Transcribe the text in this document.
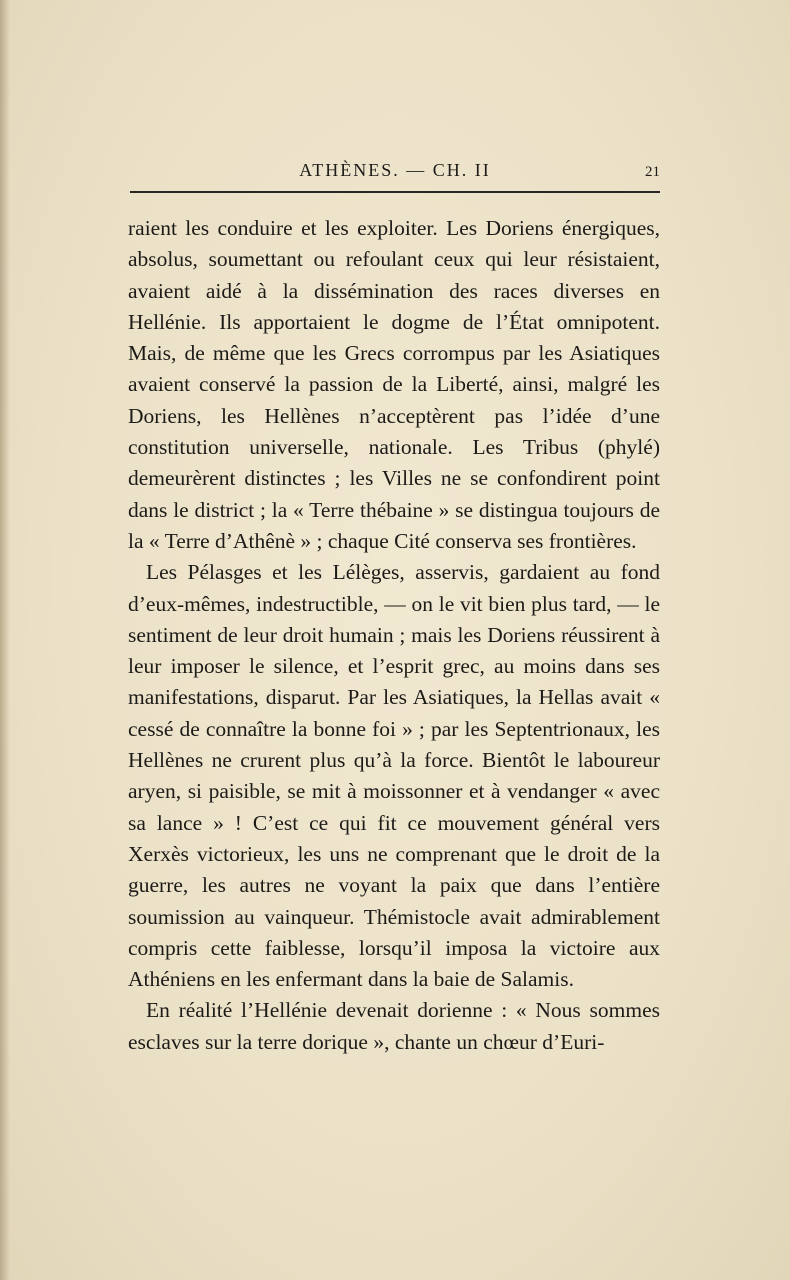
ATHÈNES. — CH. II	21

raient les conduire et les exploiter. Les Doriens énergiques, absolus, soumettant ou refoulant ceux qui leur résistaient, avaient aidé à la dissémination des races diverses en Hellénie. Ils apportaient le dogme de l’État omnipotent. Mais, de même que les Grecs corrompus par les Asiatiques avaient conservé la passion de la Liberté, ainsi, malgré les Doriens, les Hellènes n’acceptèrent pas l’idée d’une constitution universelle, nationale. Les Tribus (phylé) demeurèrent distinctes ; les Villes ne se confondirent point dans le district ; la « Terre thébaine » se distingua toujours de la « Terre d’Athênè » ; chaque Cité conserva ses frontières.

Les Pélasges et les Lélèges, asservis, gardaient au fond d’eux-mêmes, indestructible, — on le vit bien plus tard, — le sentiment de leur droit humain ; mais les Doriens réussirent à leur imposer le silence, et l’esprit grec, au moins dans ses manifestations, disparut. Par les Asiatiques, la Hellas avait « cessé de connaître la bonne foi » ; par les Septentrionaux, les Hellènes ne crurent plus qu’à la force. Bientôt le laboureur aryen, si paisible, se mit à moissonner et à vendanger « avec sa lance » ! C’est ce qui fit ce mouvement général vers Xerxès victorieux, les uns ne comprenant que le droit de la guerre, les autres ne voyant la paix que dans l’entière soumission au vainqueur. Thémistocle avait admirablement compris cette faiblesse, lorsqu’il imposa la victoire aux Athéniens en les enfermant dans la baie de Salamis.

En réalité l’Hellénie devenait dorienne : « Nous sommes esclaves sur la terre dorique », chante un chœur d’Euri-
